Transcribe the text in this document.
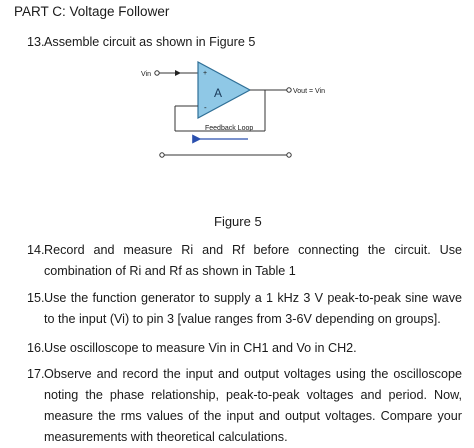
PART C: Voltage Follower
13. Assemble circuit as shown in Figure 5
Vin	+
-
A	Vout = Vin
Feedback Loop
Figure 5
14. Record and measure Ri and Rf before connecting the circuit. Use combination of Ri and Rf as shown in Table 1
15. Use the function generator to supply a 1 kHz 3 V peak-to-peak sine wave to the input (Vi) to pin 3 [value ranges from 3-6V depending on groups].
16. Use oscilloscope to measure Vin in CH1 and Vo in CH2.
17. Observe and record the input and output voltages using the oscilloscope noting the phase relationship, peak-to-peak voltages and period. Now, measure the rms values of the input and output voltages. Compare your measurements with theoretical calculations.
